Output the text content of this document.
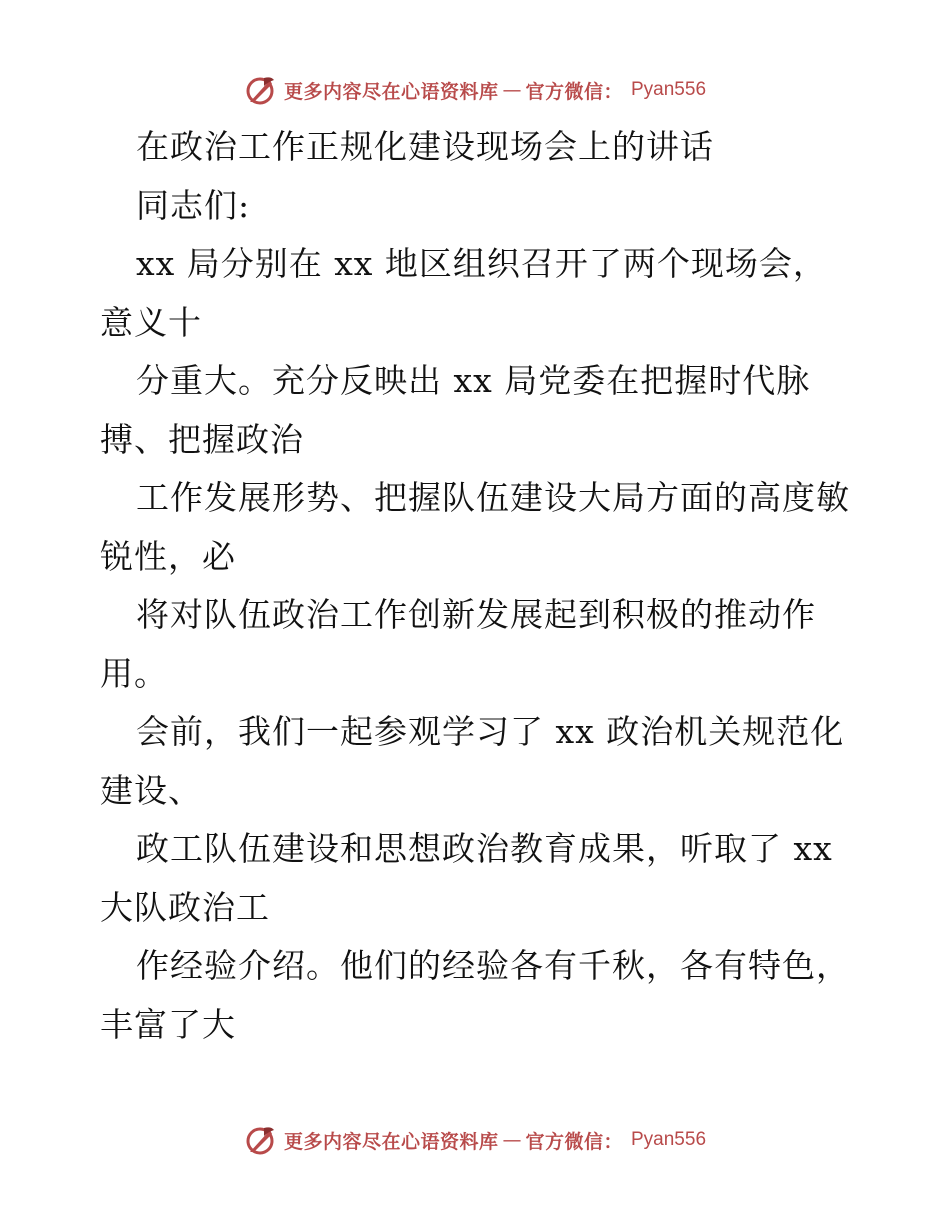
更多内容尽在心语资料库 — 官方微信： Pyan556
在政治工作正规化建设现场会上的讲话
同志们:
xx 局分别在 xx 地区组织召开了两个现场会，
意义十
分重大。充分反映出 xx 局党委在把握时代脉
搏、把握政治
工作发展形势、把握队伍建设大局方面的高度敏
锐性，必
将对队伍政治工作创新发展起到积极的推动作
用。
会前，我们一起参观学习了 xx 政治机关规范化
建设、
政工队伍建设和思想政治教育成果，听取了 xx
大队政治工
作经验介绍。他们的经验各有千秋，各有特色，
丰富了大
更多内容尽在心语资料库 — 官方微信： Pyan556
